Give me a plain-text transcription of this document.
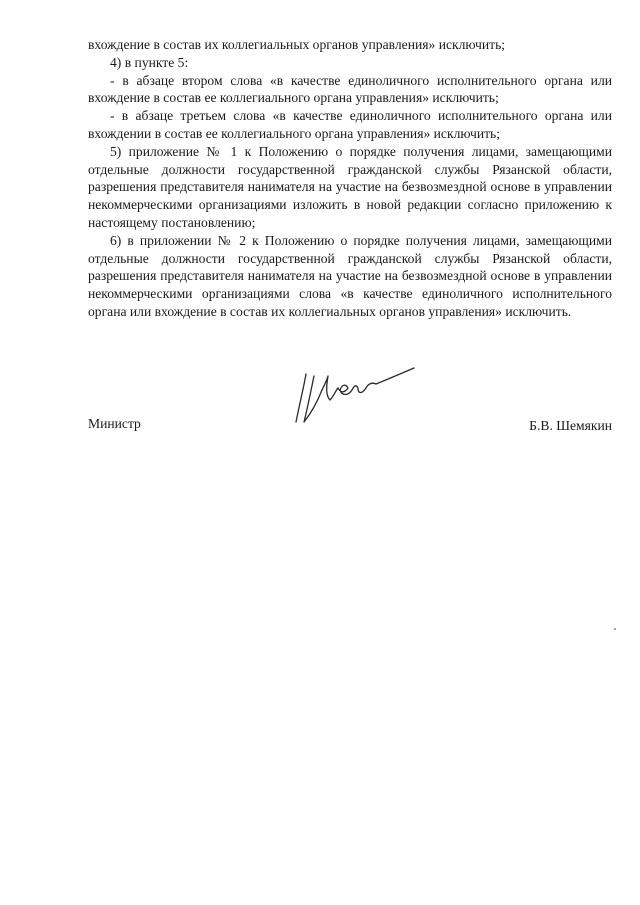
вхождение в состав их коллегиальных органов управления» исключить;

4) в пункте 5:

- в абзаце втором слова «в качестве единоличного исполнительного органа или вхождение в состав ее коллегиального органа управления» исключить;

- в абзаце третьем слова «в качестве единоличного исполнительного органа или вхождении в состав ее коллегиального органа управления» исключить;

5) приложение № 1 к Положению о порядке получения лицами, замещающими отдельные должности государственной гражданской службы Рязанской области, разрешения представителя нанимателя на участие на безвозмездной основе в управлении некоммерческими организациями изложить в новой редакции согласно приложению к настоящему постановлению;

6) в приложении № 2 к Положению о порядке получения лицами, замещающими отдельные должности государственной гражданской службы Рязанской области, разрешения представителя нанимателя на участие на безвозмездной основе в управлении некоммерческими организациями слова «в качестве единоличного исполнительного органа или вхождение в состав их коллегиальных органов управления» исключить.

Министр	Б.В. Шемякин
